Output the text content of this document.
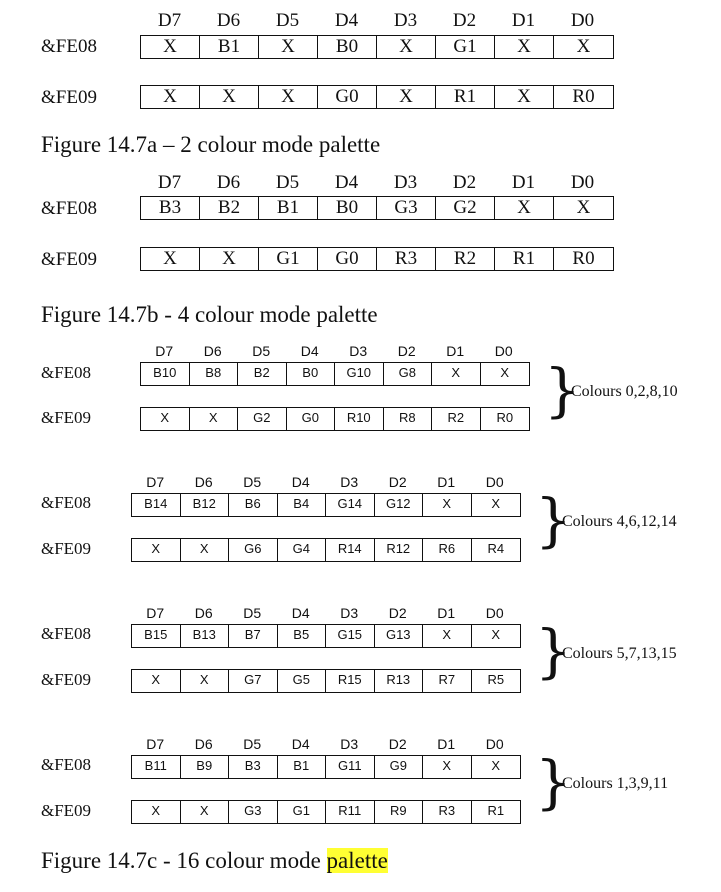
D7	D6	D5	D4	D3	D2	D1	D0
&FE08	X	B1	X	B0	X	G1	X	X
&FE09	X	X	X	G0	X	R1	X	R0
Figure 14.7a – 2 colour mode palette
D7	D6	D5	D4	D3	D2	D1	D0
&FE08	B3	B2	B1	B0	G3	G2	X	X
&FE09	X	X	G1	G0	R3	R2	R1	R0
Figure 14.7b - 4 colour mode palette
D7	D6	D5	D4	D3	D2	D1	D0
&FE08	B10	B8	B2	B0	G10	G8	X	X
&FE09	X	X	G2	G0	R10	R8	R2	R0 }
Colours 0,2,8,10
D7	D6	D5	D4	D3	D2	D1	D0
&FE08	B14	B12	B6	B4	G14	G12	X	X
&FE09	X	X	G6	G4	R14	R12	R6	R4 }
Colours 4,6,12,14
D7	D6	D5	D4	D3	D2	D1	D0
&FE08	B15	B13	B7	B5	G15	G13	X	X
&FE09	X	X	G7	G5	R15	R13	R7	R5 }
Colours 5,7,13,15
D7	D6	D5	D4	D3	D2	D1	D0
&FE08	B11	B9	B3	B1	G11	G9	X	X
&FE09	X	X	G3	G1	R11	R9	R3	R1 }
Colours 1,3,9,11
Figure 14.7c - 16 colour mode palette
